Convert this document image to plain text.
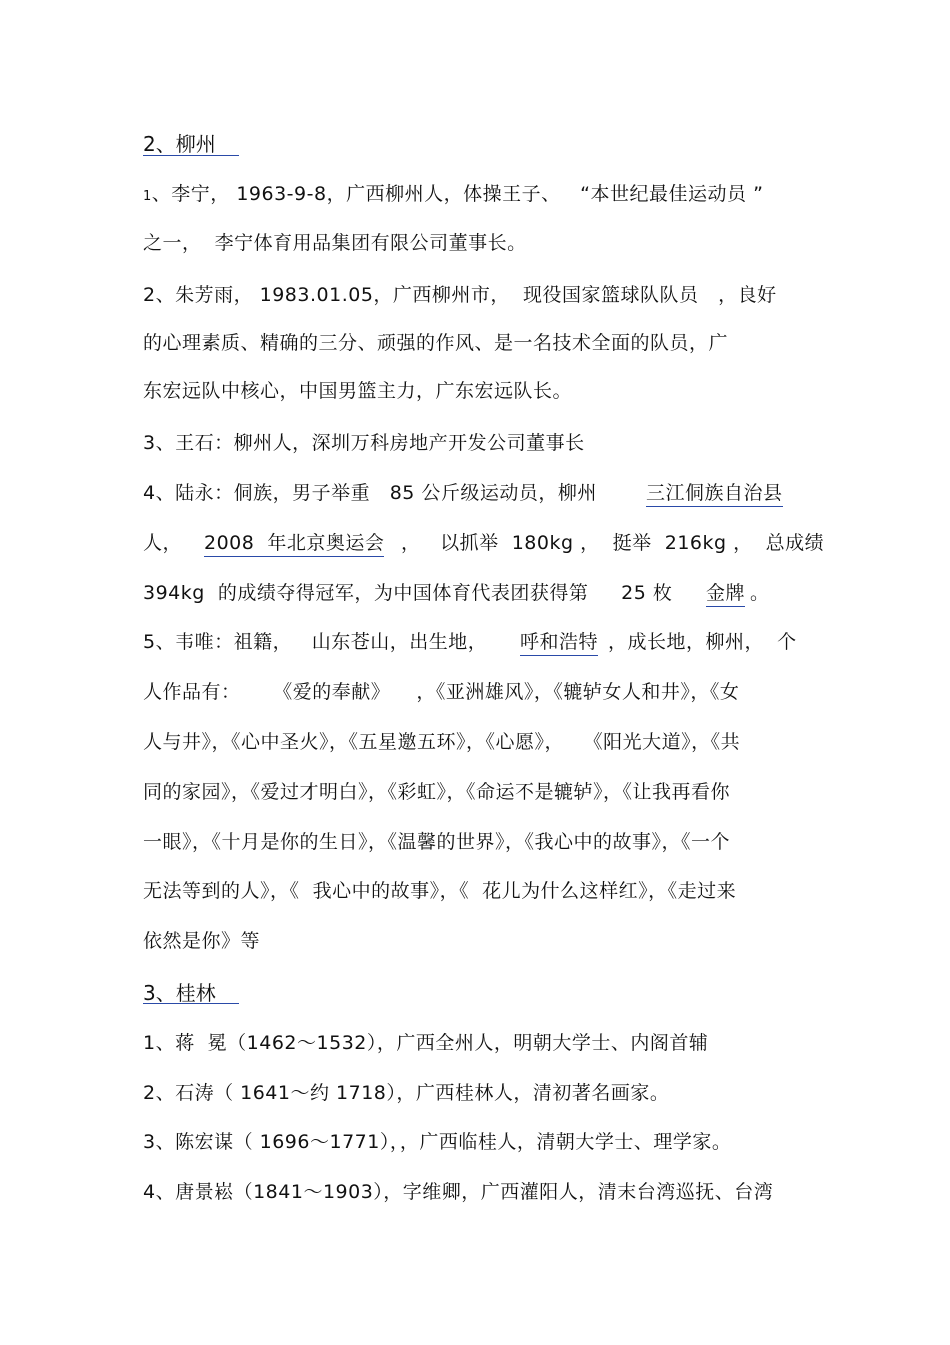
2、柳州
1、李宁， 1963-9-8，广西柳州人，体操王子、   “本世纪最佳运动员 ”
之一，  李宁体育用品集团有限公司董事长。
2、朱芳雨， 1983.01.05，广西柳州市，  现役国家篮球队队员   ，良好
的心理素质、精确的三分、顽强的作风、是一名技术全面的队员，广
东宏远队中核心，中国男篮主力，广东宏远队长。
3、王石：柳州人，深圳万科房地产开发公司董事长
4、陆永：侗族，男子举重   85 公斤级运动员，柳州 三江侗族自治县
人， 2008  年北京奥运会 ，   以抓举  180kg ，  挺举  216kg ，  总成绩
394kg  的成绩夺得冠军，为中国体育代表团获得第     25 枚 金牌 。
5、韦唯：祖籍，   山东苍山，出生地， 呼和浩特 ，成长地，柳州，  个
人作品有：     《爱的奉献》    ，《亚洲雄风》，《辘轳女人和井》，《女
人与井》，《心中圣火》，《五星邀五环》，《心愿》，   《阳光大道》，《共
同的家园》，《爱过才明白》，《彩虹》，《命运不是辘轳》，《让我再看你
一眼》，《十月是你的生日》，《温馨的世界》，《我心中的故事》，《一个
无法等到的人》，《  我心中的故事》，《  花儿为什么这样红》，《走过来
依然是你》等
3、桂林
1、蒋  冕（1462～1532），广西全州人，明朝大学士、内阁首辅
2、石涛（ 1641～约 1718），广西桂林人，清初著名画家。
3、陈宏谋（ 1696～1771），，广西临桂人，清朝大学士、理学家。
4、唐景崧（1841～1903），字维卿，广西灌阳人，清末台湾巡抚、台湾
